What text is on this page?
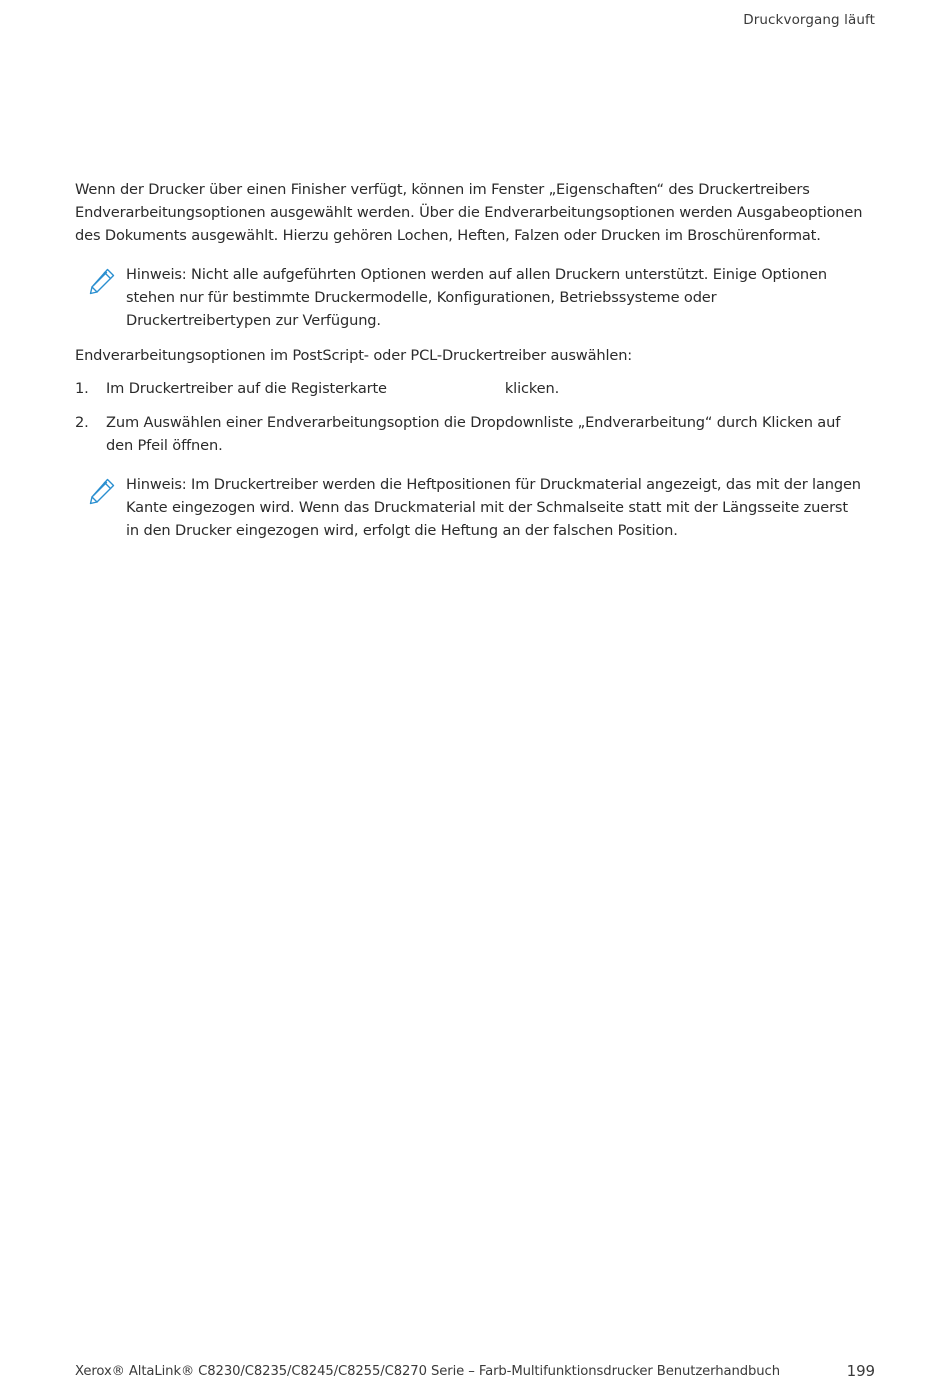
Druckvorgang läuft

Wenn der Drucker über einen Finisher verfügt, können im Fenster „Eigenschaften“ des Druckertreibers Endverarbeitungsoptionen ausgewählt werden. Über die Endverarbeitungsoptionen werden Ausgabeoptionen des Dokuments ausgewählt. Hierzu gehören Lochen, Heften, Falzen oder Drucken im Broschürenformat.

Hinweis: Nicht alle aufgeführten Optionen werden auf allen Druckern unterstützt. Einige Optionen stehen nur für bestimmte Druckermodelle, Konfigurationen, Betriebssysteme oder Druckertreibertypen zur Verfügung.

Endverarbeitungsoptionen im PostScript- oder PCL-Druckertreiber auswählen:

1. Im Druckertreiber auf die Registerkarte	klicken.
2. Zum Auswählen einer Endverarbeitungsoption die Dropdownliste „Endverarbeitung“ durch Klicken auf den Pfeil öffnen.

Hinweis: Im Druckertreiber werden die Heftpositionen für Druckmaterial angezeigt, das mit der langen Kante eingezogen wird. Wenn das Druckmaterial mit der Schmalseite statt mit der Längsseite zuerst in den Drucker eingezogen wird, erfolgt die Heftung an der falschen Position.

Xerox® AltaLink® C8230/C8235/C8245/C8255/C8270 Serie – Farb-Multifunktionsdrucker Benutzerhandbuch	199
